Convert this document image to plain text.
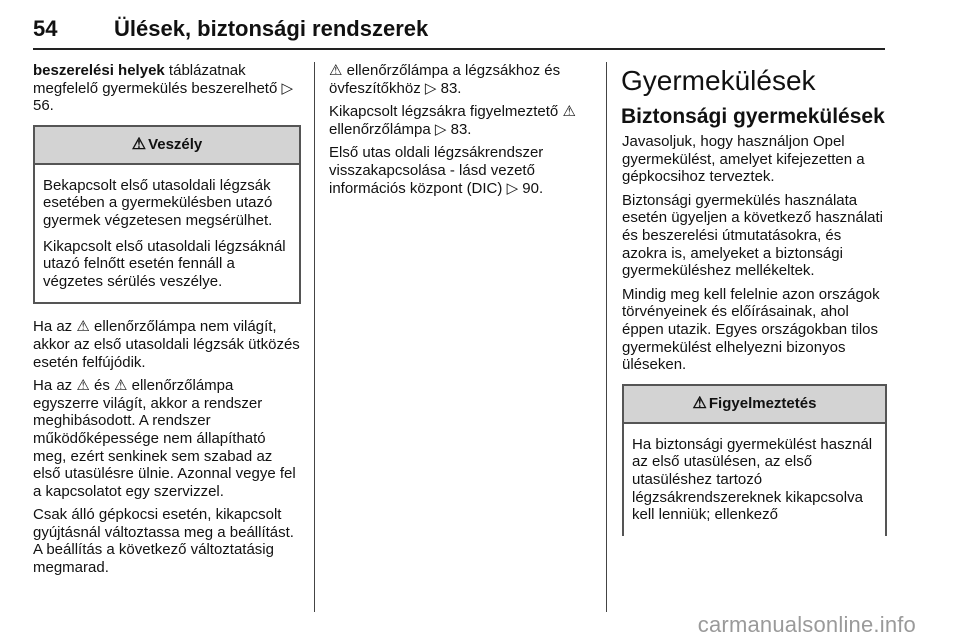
54	Ülések, biztonsági rendszerek

beszerelési helyek táblázatnak megfelelő gyermekülés beszerelhető ▷ 56.

⚠ Veszély

Bekapcsolt első utasoldali légzsák esetében a gyermekülésben utazó gyermek végzetesen megsérülhet.

Kikapcsolt első utasoldali légzsáknál utazó felnőtt esetén fennáll a végzetes sérülés veszélye.

Ha az ⚠ ellenőrzőlámpa nem világít, akkor az első utasoldali légzsák ütközés esetén felfújódik.

Ha az ⚠ és ⚠ ellenőrzőlámpa egyszerre világít, akkor a rendszer meghibásodott. A rendszer működőképessége nem állapítható meg, ezért senkinek sem szabad az első utasülésre ülnie. Azonnal vegye fel a kapcsolatot egy szervizzel.

Csak álló gépkocsi esetén, kikapcsolt gyújtásnál változtassa meg a beállítást. A beállítás a következő változtatásig megmarad.

⚠ ellenőrzőlámpa a légzsákhoz és övfeszítőkhöz ▷ 83.

Kikapcsolt légzsákra figyelmeztető ⚠ ellenőrzőlámpa ▷ 83.

Első utas oldali légzsákrendszer visszakapcsolása - lásd vezető információs központ (DIC) ▷ 90.

Gyermekülések
Biztonsági gyermekülések

Javasoljuk, hogy használjon Opel gyermekülést, amelyet kifejezetten a gépkocsihoz terveztek.

Biztonsági gyermekülés használata esetén ügyeljen a következő használati és beszerelési útmutatásokra, és azokra is, amelyeket a biztonsági gyermeküléshez mellékeltek.

Mindig meg kell felelnie azon országok törvényeinek és előírásainak, ahol éppen utazik. Egyes országokban tilos gyermekülést elhelyezni bizonyos üléseken.

⚠ Figyelmeztetés

Ha biztonsági gyermekülést használ az első utasülésen, az első utasüléshez tartozó légzsákrendszereknek kikapcsolva kell lenniük; ellenkező

carmanualsonline.info
